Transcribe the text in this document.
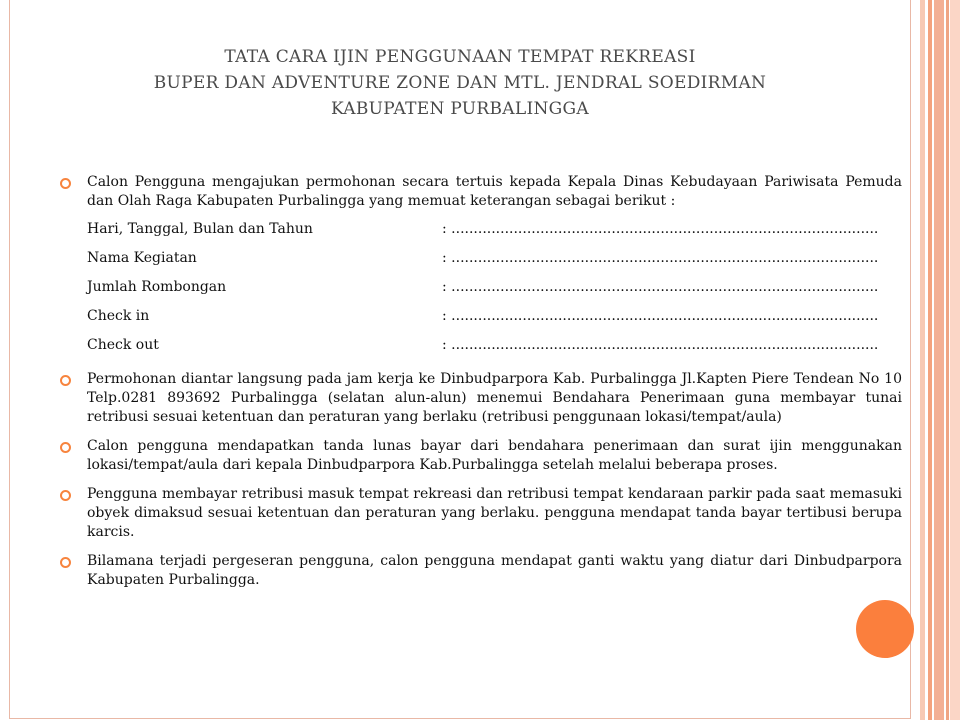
TATA CARA IJIN PENGGUNAAN TEMPAT REKREASI
BUPER DAN ADVENTURE ZONE DAN MTL. JENDRAL SOEDIRMAN
KABUPATEN PURBALINGGA
Calon Pengguna mengajukan permohonan secara tertuis kepada Kepala Dinas Kebudayaan Pariwisata Pemuda dan Olah Raga Kabupaten Purbalingga yang memuat keterangan sebagai berikut :
Hari, Tanggal, Bulan dan Tahun	: ................................................................................................
Nama Kegiatan	: ................................................................................................
Jumlah Rombongan	: ................................................................................................
Check in	: ................................................................................................
Check out	: ................................................................................................
Permohonan diantar langsung pada jam kerja ke Dinbudparpora Kab. Purbalingga Jl.Kapten Piere Tendean No 10 Telp.0281 893692 Purbalingga (selatan alun-alun) menemui Bendahara Penerimaan guna membayar tunai retribusi sesuai ketentuan dan peraturan yang berlaku (retribusi penggunaan lokasi/tempat/aula)
Calon pengguna mendapatkan tanda lunas bayar dari bendahara penerimaan dan surat ijin menggunakan lokasi/tempat/aula dari kepala Dinbudparpora Kab.Purbalingga setelah melalui beberapa proses.
Pengguna membayar retribusi masuk tempat rekreasi dan retribusi tempat kendaraan parkir pada saat memasuki obyek dimaksud sesuai ketentuan dan peraturan yang berlaku. pengguna mendapat tanda bayar tertibusi berupa karcis.
Bilamana terjadi pergeseran pengguna, calon pengguna mendapat ganti waktu yang diatur dari Dinbudparpora Kabupaten Purbalingga.
